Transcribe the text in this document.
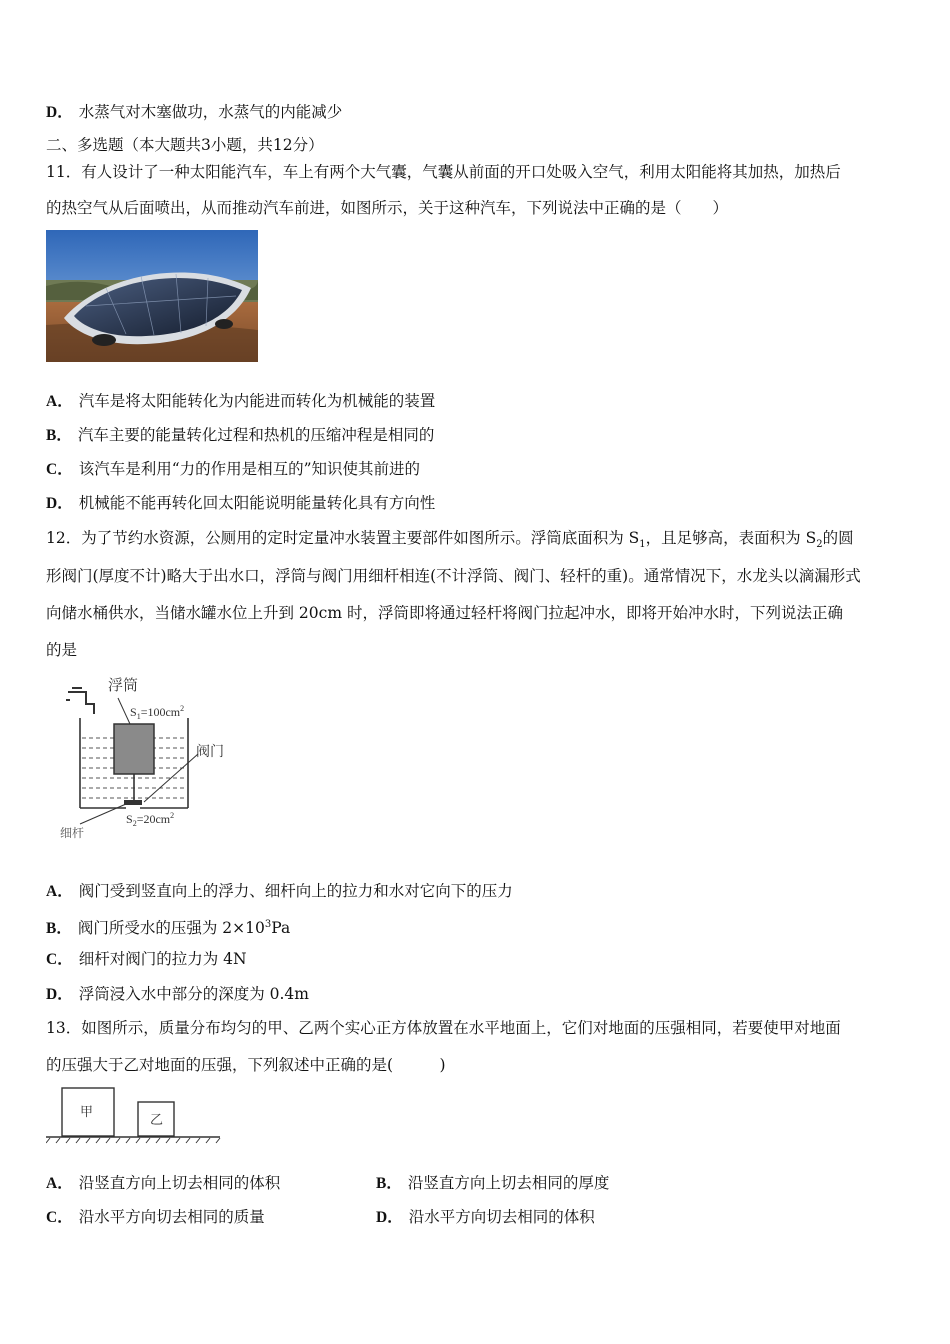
D． 水蒸气对木塞做功，水蒸气的内能减少
二、多选题（本大题共3小题，共12分）
11．有人设计了一种太阳能汽车，车上有两个大气囊，气囊从前面的开口处吸入空气，利用太阳能将其加热，加热后
的热空气从后面喷出，从而推动汽车前进，如图所示，关于这种汽车，下列说法中正确的是（　　）
A． 汽车是将太阳能转化为内能进而转化为机械能的装置
B． 汽车主要的能量转化过程和热机的压缩冲程是相同的
C． 该汽车是利用“力的作用是相互的”知识使其前进的
D． 机械能不能再转化回太阳能说明能量转化具有方向性
12．为了节约水资源，公厕用的定时定量冲水装置主要部件如图所示。浮筒底面积为 $S_1$，且足够高，表面积为 $S_2$的圆
形阀门(厚度不计)略大于出水口，浮筒与阀门用细杆相连(不计浮筒、阀门、轻杆的重)。通常情况下，水龙头以滴漏形式
向储水桶供水，当储水罐水位上升到 20cm 时，浮筒即将通过轻杆将阀门拉起冲水，即将开始冲水时，下列说法正确
的是
浮筒
$S_1=100cm^2$
阀门
$S_2=20cm^2$
细杆
A． 阀门受到竖直向上的浮力、细杆向上的拉力和水对它向下的压力
B． 阀门所受水的压强为 $2\times 10^3Pa$
C． 细杆对阀门的拉力为 4N
D． 浮筒浸入水中部分的深度为 0.4m
13．如图所示，质量分布均匀的甲、乙两个实心正方体放置在水平地面上，它们对地面的压强相同，若要使甲对地面
的压强大于乙对地面的压强，下列叙述中正确的是(　　　)
甲
乙
A． 沿竖直方向上切去相同的体积	B． 沿竖直方向上切去相同的厚度
C． 沿水平方向切去相同的质量	D． 沿水平方向切去相同的体积
